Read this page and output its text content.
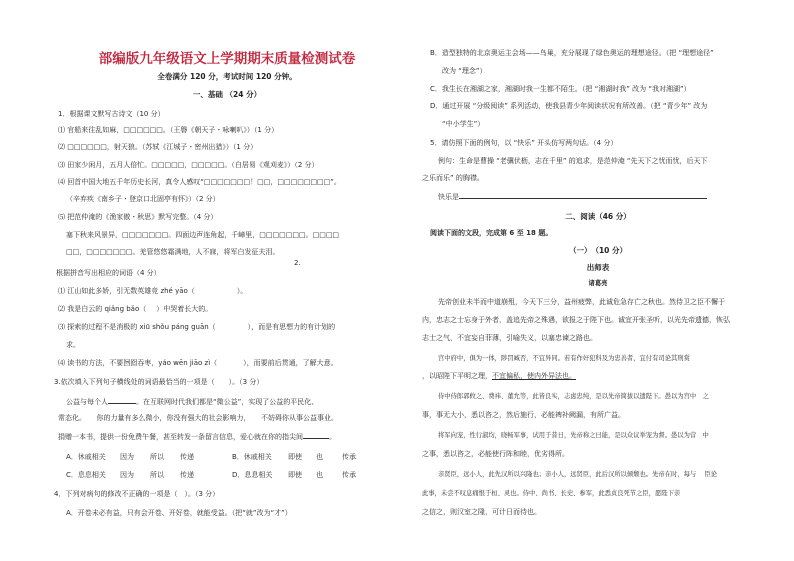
部编版九年级语文上学期期末质量检测试卷
全卷满分 120 分，考试时间 120 分钟。
一、基础 （24 分）
1．根据课文默写古诗文（10 分）
⑴ 官船来往乱如麻，□□□□□□。（王磐《朝天子・咏喇叭》）（1 分）
⑵ □□□□□□，射天狼。（苏轼《江城子・密州出猎》）（1 分）
⑶ 田家少闲月，五月人倍忙。□□□□□，□□□□□。（白居易《观刈麦》）（2 分）
⑷ 回首中国大地五千年历史长河，真令人感叹“□□□□□□□！□□，□□□□□□□□”。
（辛弃疾《南乡子・登京口北固亭有怀》）（2 分）
⑸ 把范仲淹的《渔家傲・秋思》默写完整。（4 分）
塞下秋来风景异，□□□□□□□。四面边声连角起，千嶂里，□□□□□□□。□□□□
□□，□□□□□□□。羌管悠悠霜满地，人不寐，将军白发征夫泪。
2.
根据拼音写出相应的词语（4 分）
⑴ 江山如此多娇，引无数英雄竞 zhé yāo（	）。
⑵ 我是白云的 qiǎng bǎo（ ）中哭着长大的。
⑶ 探索的过程不是消极的 xiū shǒu páng guān（	），而是有思想力的有计划的
求。
⑷ 读书的方法，不要囫囵吞枣，yáo wēn jiāo zì（	），而要前后贯通，了解大意。
3.依次填入下列句子横线处的词语最恰当的一项是（　　）。（3 分）
公益与每个人	。在互联网时代我们都是“微公益”，实现了公益的平民化、
常态化。　　你的力量有多么微小，你没有强大的社会影响力，　　不妨碍你从事公益事业。
捐赠一本书，提供一份免费午餐，甚至转发一条留言信息，爱心就在你的指尖间	。
A．休戚相关 因为 所以 传递	B．休戚相关 即使 也	传承
C．息息相关 因为 所以 传递	D．息息相关 即使 也	传承
4．下列对病句的修改不正确的一项是（　）。（3 分）
A．开卷未必有益，只有会开卷、开好卷，就能受益。（把“就”改为“才”）
B．造型独特的北京奥运主会场——鸟巢，充分展现了绿色奥运的理想途径。（把 “理想途径”
改为 “理念”）
C．我生长在湘湖之家，湘湖时我一生都不陌生。（把 “湘湖时我” 改为 “我对湘湖”）
D．通过开展 “分级阅读” 系列活动，使我县青少年阅读状况有所改善。（把 “青少年” 改为
“中小学生”）
5．请仿照下面的例句，以 “快乐” 开头仿写两句话。（4 分）
例句：生命是曹操 “老骥伏枥，志在千里” 的追求，是范仲淹 “先天下之忧而忧，后天下
之乐而乐” 的胸襟。
快乐是
二、阅读（46 分）
阅读下面的文段，完成第 6 至 18 题。
（一）　（10 分）
出师表
诸葛亮
先帝创业未半而中道崩殂，今天下三分，益州疲弊，此诚危急存亡之秋也。然侍卫之臣不懈于
内，忠志之士忘身于外者，盖追先帝之殊遇，欲报之于陛下也。诚宜开张圣听，以光先帝遗德，恢弘
志士之气，不宜妄自菲薄，引喻失义，以塞忠谏之路也。
宫中府中，俱为一体，陟罚臧否，不宜异同。若有作奸犯科及为忠善者，宜付有司论其刑赏
，以昭陛下平明之理，不宜偏私，使内外异法也。
侍中侍郎郭攸之、费祎、董允等，此皆良实，志虑忠纯，是以先帝简拔以遗陛下。愚以为宫中　之
事，事无大小，悉以咨之，然后施行，必能裨补阙漏，有所广益。
将军向宠，性行淑均，晓畅军事，试用于昔日，先帝称之曰能，是以众议举宠为督。愚以为营　中
之事，悉以咨之，必能使行阵和睦，优劣得所。
亲贤臣，远小人，此先汉所以兴隆也；亲小人，远贤臣，此后汉所以倾颓也。先帝在时，每与　 臣论
此事，未尝不叹息痛恨于桓、灵也。侍中、尚书、长史、参军，此悉贞良死节之臣，愿陛下亲
之信之，则汉室之隆，可计日而待也。
